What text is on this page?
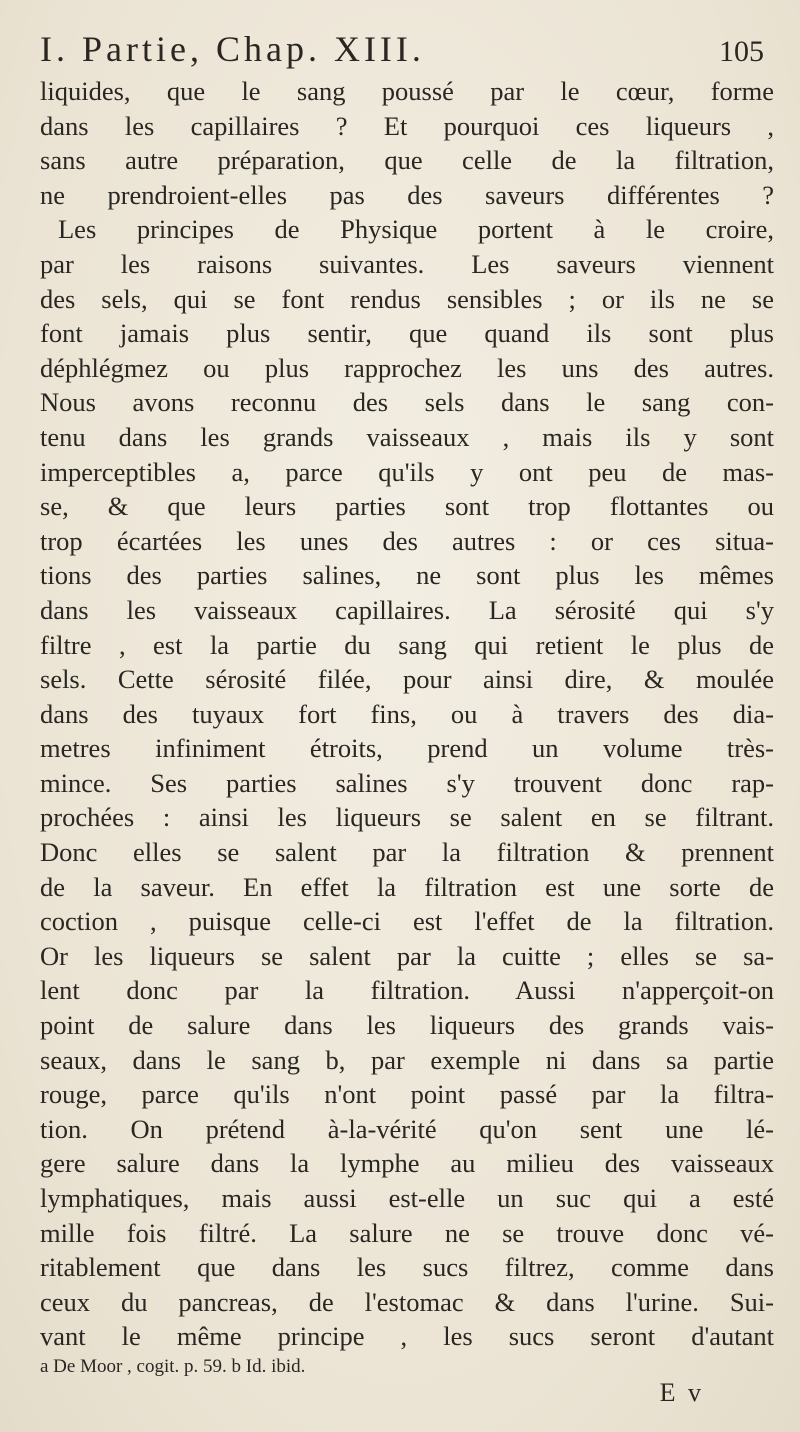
I. Partie, Chap. XIII.	105
liquides, que le sang poussé par le cœur, forme
dans les capillaires ? Et pourquoi ces liqueurs ,
sans autre préparation, que celle de la filtration,
ne prendroient-elles pas des saveurs différentes ?
Les principes de Physique portent à le croire,
par les raisons suivantes. Les saveurs viennent
des sels, qui se font rendus sensibles ; or ils ne se
font jamais plus sentir, que quand ils sont plus
déphlégmez ou plus rapprochez les uns des autres.
Nous avons reconnu des sels dans le sang con-
tenu dans les grands vaisseaux , mais ils y sont
imperceptibles a, parce qu'ils y ont peu de mas-
se, & que leurs parties sont trop flottantes ou
trop écartées les unes des autres : or ces situa-
tions des parties salines, ne sont plus les mêmes
dans les vaisseaux capillaires. La sérosité qui s'y
filtre , est la partie du sang qui retient le plus de
sels. Cette sérosité filée, pour ainsi dire, & moulée
dans des tuyaux fort fins, ou à travers des dia-
metres infiniment étroits, prend un volume très-
mince. Ses parties salines s'y trouvent donc rap-
prochées : ainsi les liqueurs se salent en se filtrant.
Donc elles se salent par la filtration & prennent
de la saveur. En effet la filtration est une sorte de
coction , puisque celle-ci est l'effet de la filtration.
Or les liqueurs se salent par la cuitte ; elles se sa-
lent donc par la filtration. Aussi n'apperçoit-on
point de salure dans les liqueurs des grands vais-
seaux, dans le sang b, par exemple ni dans sa partie
rouge, parce qu'ils n'ont point passé par la filtra-
tion. On prétend à-la-vérité qu'on sent une lé-
gere salure dans la lymphe au milieu des vaisseaux
lymphatiques, mais aussi est-elle un suc qui a esté
mille fois filtré. La salure ne se trouve donc vé-
ritablement que dans les sucs filtrez, comme dans
ceux du pancreas, de l'estomac & dans l'urine. Sui-
vant le même principe , les sucs seront d'autant
a De Moor , cogit. p. 59. b Id. ibid.
E v
